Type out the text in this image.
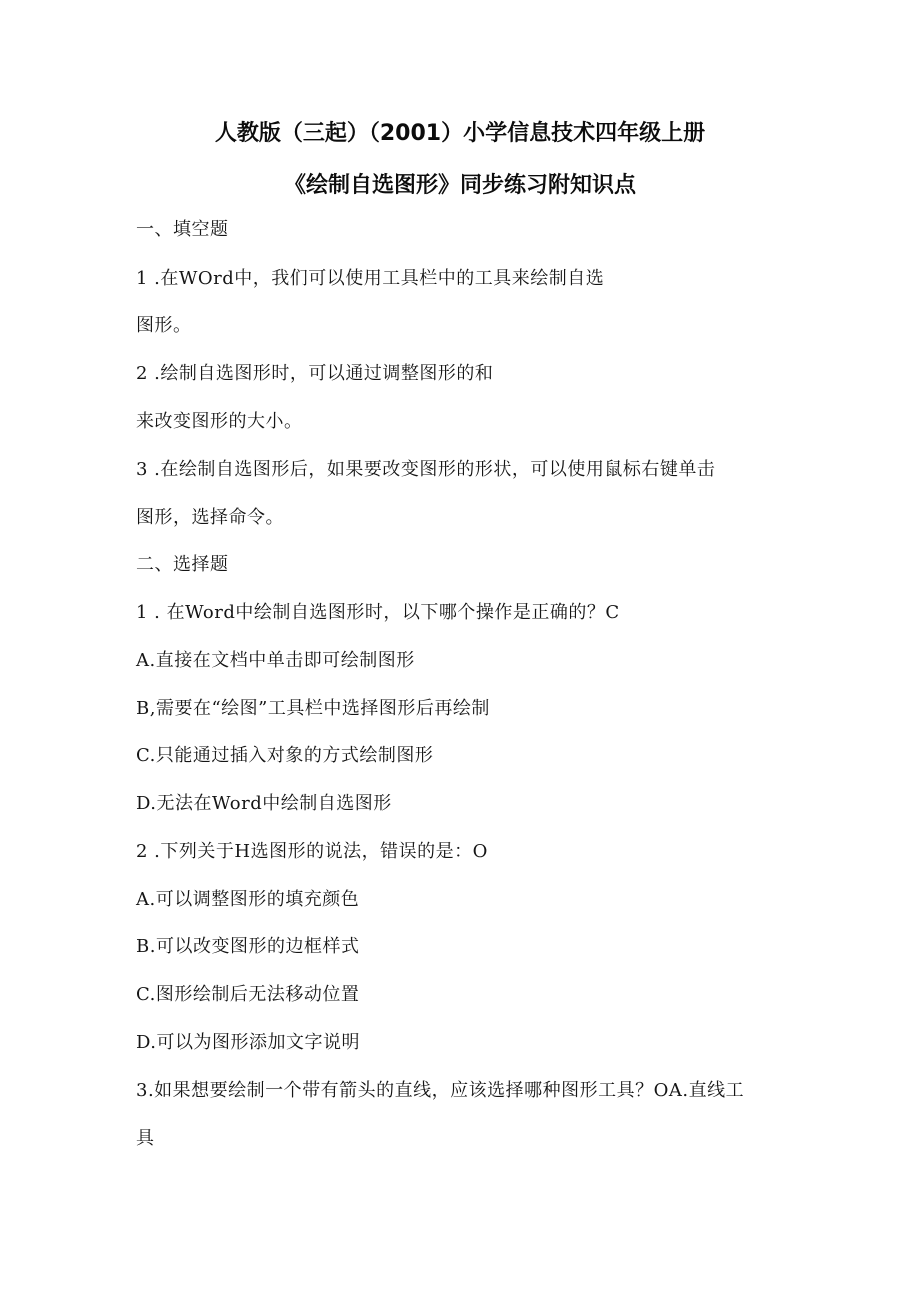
人教版（三起）（2001）小学信息技术四年级上册
《绘制自选图形》同步练习附知识点
一、填空题
1 .在WOrd中，我们可以使用工具栏中的工具来绘制自选
图形。
2 .绘制自选图形时，可以通过调整图形的和
来改变图形的大小。
3 .在绘制自选图形后，如果要改变图形的形状，可以使用鼠标右键单击
图形，选择命令。
二、选择题
1 . 在Word中绘制自选图形时，以下哪个操作是正确的？C
A.直接在文档中单击即可绘制图形
B,需要在“绘图”工具栏中选择图形后再绘制
C.只能通过插入对象的方式绘制图形
D.无法在Word中绘制自选图形
2 .下列关于H选图形的说法，错误的是：O
A.可以调整图形的填充颜色
B.可以改变图形的边框样式
C.图形绘制后无法移动位置
D.可以为图形添加文字说明
3.如果想要绘制一个带有箭头的直线，应该选择哪种图形工具？OA.直线工
具
